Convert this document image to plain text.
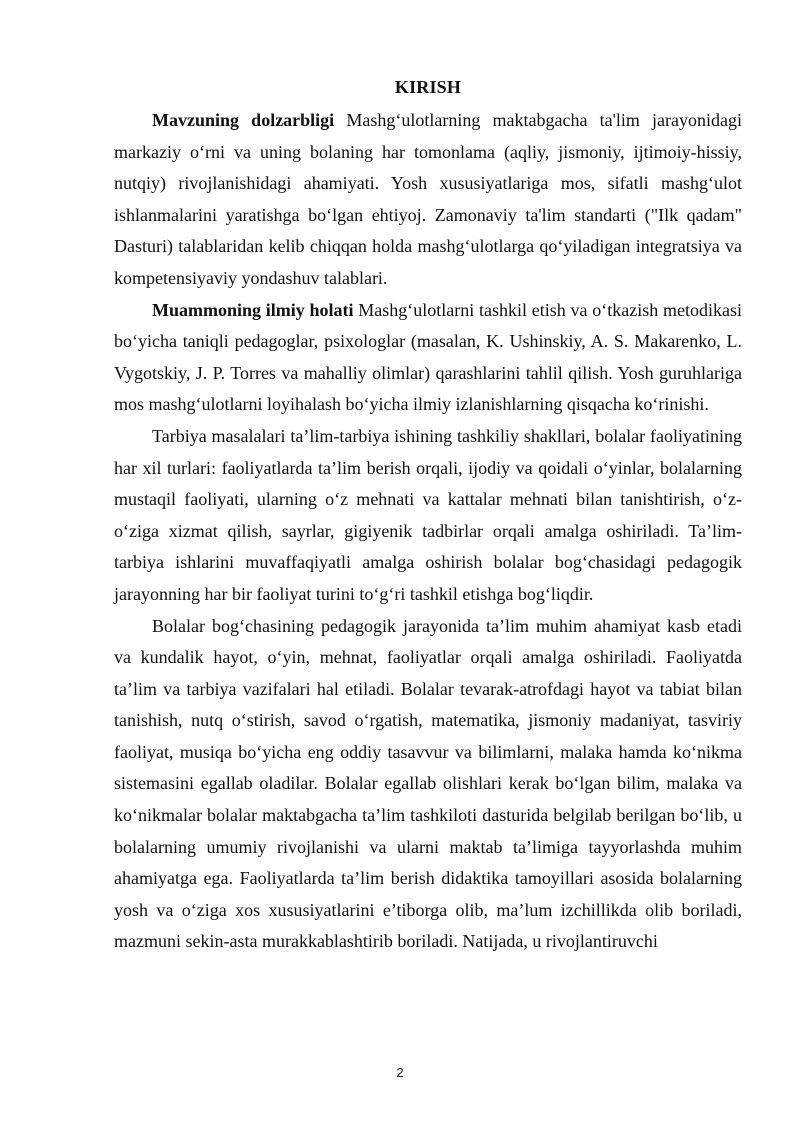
KIRISH

Mavzuning dolzarbligi Mashg‘ulotlarning maktabgacha ta'lim jarayonidagi markaziy o‘rni va uning bolaning har tomonlama (aqliy, jismoniy, ijtimoiy-hissiy, nutqiy) rivojlanishidagi ahamiyati. Yosh xususiyatlariga mos, sifatli mashg‘ulot ishlanmalarini yaratishga bo‘lgan ehtiyoj. Zamonaviy ta'lim standarti ("Ilk qadam" Dasturi) talablaridan kelib chiqqan holda mashg‘ulotlarga qo‘yiladigan integratsiya va kompetensiyaviy yondashuv talablari.

Muammoning ilmiy holati Mashg‘ulotlarni tashkil etish va o‘tkazish metodikasi bo‘yicha taniqli pedagoglar, psixologlar (masalan, K. Ushinskiy, A. S. Makarenko, L. Vygotskiy, J. P. Torres va mahalliy olimlar) qarashlarini tahlil qilish. Yosh guruhlariga mos mashg‘ulotlarni loyihalash bo‘yicha ilmiy izlanishlarning qisqacha ko‘rinishi.

Tarbiya masalalari ta’lim-tarbiya ishining tashkiliy shakllari, bolalar faoliyatining har xil turlari: faoliyatlarda ta’lim berish orqali, ijodiy va qoidali o‘yinlar, bolalarning mustaqil faoliyati, ularning o‘z mehnati va kattalar mehnati bilan tanishtirish, o‘z-o‘ziga xizmat qilish, sayrlar, gigiyenik tadbirlar orqali amalga oshiriladi. Ta’lim-tarbiya ishlarini muvaffaqiyatli amalga oshirish bolalar bog‘chasidagi pedagogik jarayonning har bir faoliyat turini to‘g‘ri tashkil etishga bog‘liqdir.

Bolalar bog‘chasining pedagogik jarayonida ta’lim muhim ahamiyat kasb etadi va kundalik hayot, o‘yin, mehnat, faoliyatlar orqali amalga oshiriladi. Faoliyatda ta’lim va tarbiya vazifalari hal etiladi. Bolalar tevarak-atrofdagi hayot va tabiat bilan tanishish, nutq o‘stirish, savod o‘rgatish, matematika, jismoniy madaniyat, tasviriy faoliyat, musiqa bo‘yicha eng oddiy tasavvur va bilimlarni, malaka hamda ko‘nikma sistemasini egallab oladilar. Bolalar egallab olishlari kerak bo‘lgan bilim, malaka va ko‘nikmalar bolalar maktabgacha ta’lim tashkiloti dasturida belgilab berilgan bo‘lib, u bolalarning umumiy rivojlanishi va ularni maktab ta’limiga tayyorlashda muhim ahamiyatga ega. Faoliyatlarda ta’lim berish didaktika tamoyillari asosida bolalarning yosh va o‘ziga xos xususiyatlarini e’tiborga olib, ma’lum izchillikda olib boriladi, mazmuni sekin-asta murakkablashtirib boriladi. Natijada, u rivojlantiruvchi

2
